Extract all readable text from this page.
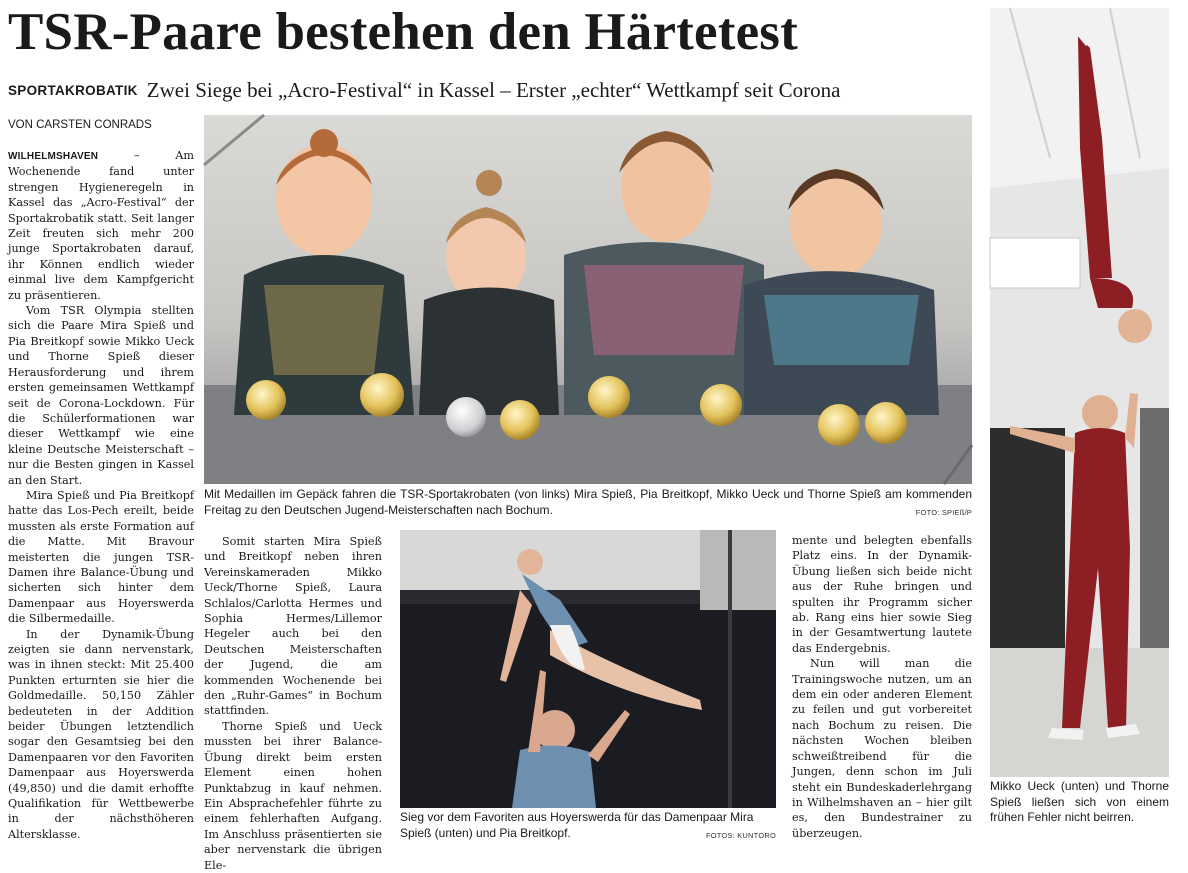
TSR-Paare bestehen den Härtetest
SPORTAKROBATIK Zwei Siege bei „Acro-Festival“ in Kassel – Erster „echter“ Wettkampf seit Corona
VON CARSTEN CONRADS

WILHELMSHAVEN – Am Wochenende fand unter strengen Hygieneregeln in Kassel das „Acro-Festival“ der Sportakrobatik statt. Seit langer Zeit freuten sich mehr 200 junge Sportakrobaten darauf, ihr Können endlich wieder einmal live dem Kampfgericht zu präsentieren.

Vom TSR Olympia stellten sich die Paare Mira Spieß und Pia Breitkopf sowie Mikko Ueck und Thorne Spieß dieser Herausforderung und ihrem ersten gemeinsamen Wettkampf seit de Corona-Lockdown. Für die Schülerformationen war dieser Wettkampf wie eine kleine Deutsche Meisterschaft – nur die Besten gingen in Kassel an den Start.

Mira Spieß und Pia Breitkopf hatte das Los-Pech ereilt, beide mussten als erste Formation auf die Matte. Mit Bravour meisterten die jungen TSR-Damen ihre Balance-Übung und sicherten sich hinter dem Damenpaar aus Hoyerswerda die Silbermedaille.

In der Dynamik-Übung zeigten sie dann nervenstark, was in ihnen steckt: Mit 25.400 Punkten erturnten sie hier die Goldmedaille. 50,150 Zähler bedeuteten in der Addition beider Übungen letztendlich sogar den Gesamtsieg bei den Damenpaaren vor den Favoriten Damenpaar aus Hoyerswerda (49,850) und die damit erhoffte Qualifikation für Wettbewerbe in der nächsthöheren Altersklasse.

Mit Medaillen im Gepäck fahren die TSR-Sportakrobaten (von links) Mira Spieß, Pia Breitkopf, Mikko Ueck und Thorne Spieß am kommenden Freitag zu den Deutschen Jugend-Meisterschaften nach Bochum.	FOTO: SPIEß/P

Somit starten Mira Spieß und Breitkopf neben ihren Vereinskameraden Mikko Ueck/Thorne Spieß, Laura Schlalos/Carlotta Hermes und Sophia Hermes/Lillemor Hegeler auch bei den Deutschen Meisterschaften der Jugend, die am kommenden Wochenende bei den „Ruhr-Games“ in Bochum stattfinden.

Thorne Spieß und Ueck mussten bei ihrer Balance-Übung direkt beim ersten Element einen hohen Punktabzug in kauf nehmen. Ein Absprachefehler führte zu einem fehlerhaften Aufgang. Im Anschluss präsentierten sie aber nervenstark die übrigen Ele-

Sieg vor dem Favoriten aus Hoyerswerda für das Damenpaar Mira Spieß (unten) und Pia Breitkopf.	FOTOS: KUNTORO

mente und belegten ebenfalls Platz eins. In der Dynamik-Übung ließen sich beide nicht aus der Ruhe bringen und spulten ihr Programm sicher ab. Rang eins hier sowie Sieg in der Gesamtwertung lautete das Endergebnis.

Nun will man die Trainingswoche nutzen, um an dem ein oder anderen Element zu feilen und gut vorbereitet nach Bochum zu reisen. Die nächsten Wochen bleiben schweißtreibend für die Jungen, denn schon im Juli steht ein Bundeskaderlehrgang in Wilhelmshaven an – hier gilt es, den Bundestrainer zu überzeugen.

Mikko Ueck (unten) und Thorne Spieß ließen sich von einem frühen Fehler nicht beirren.
